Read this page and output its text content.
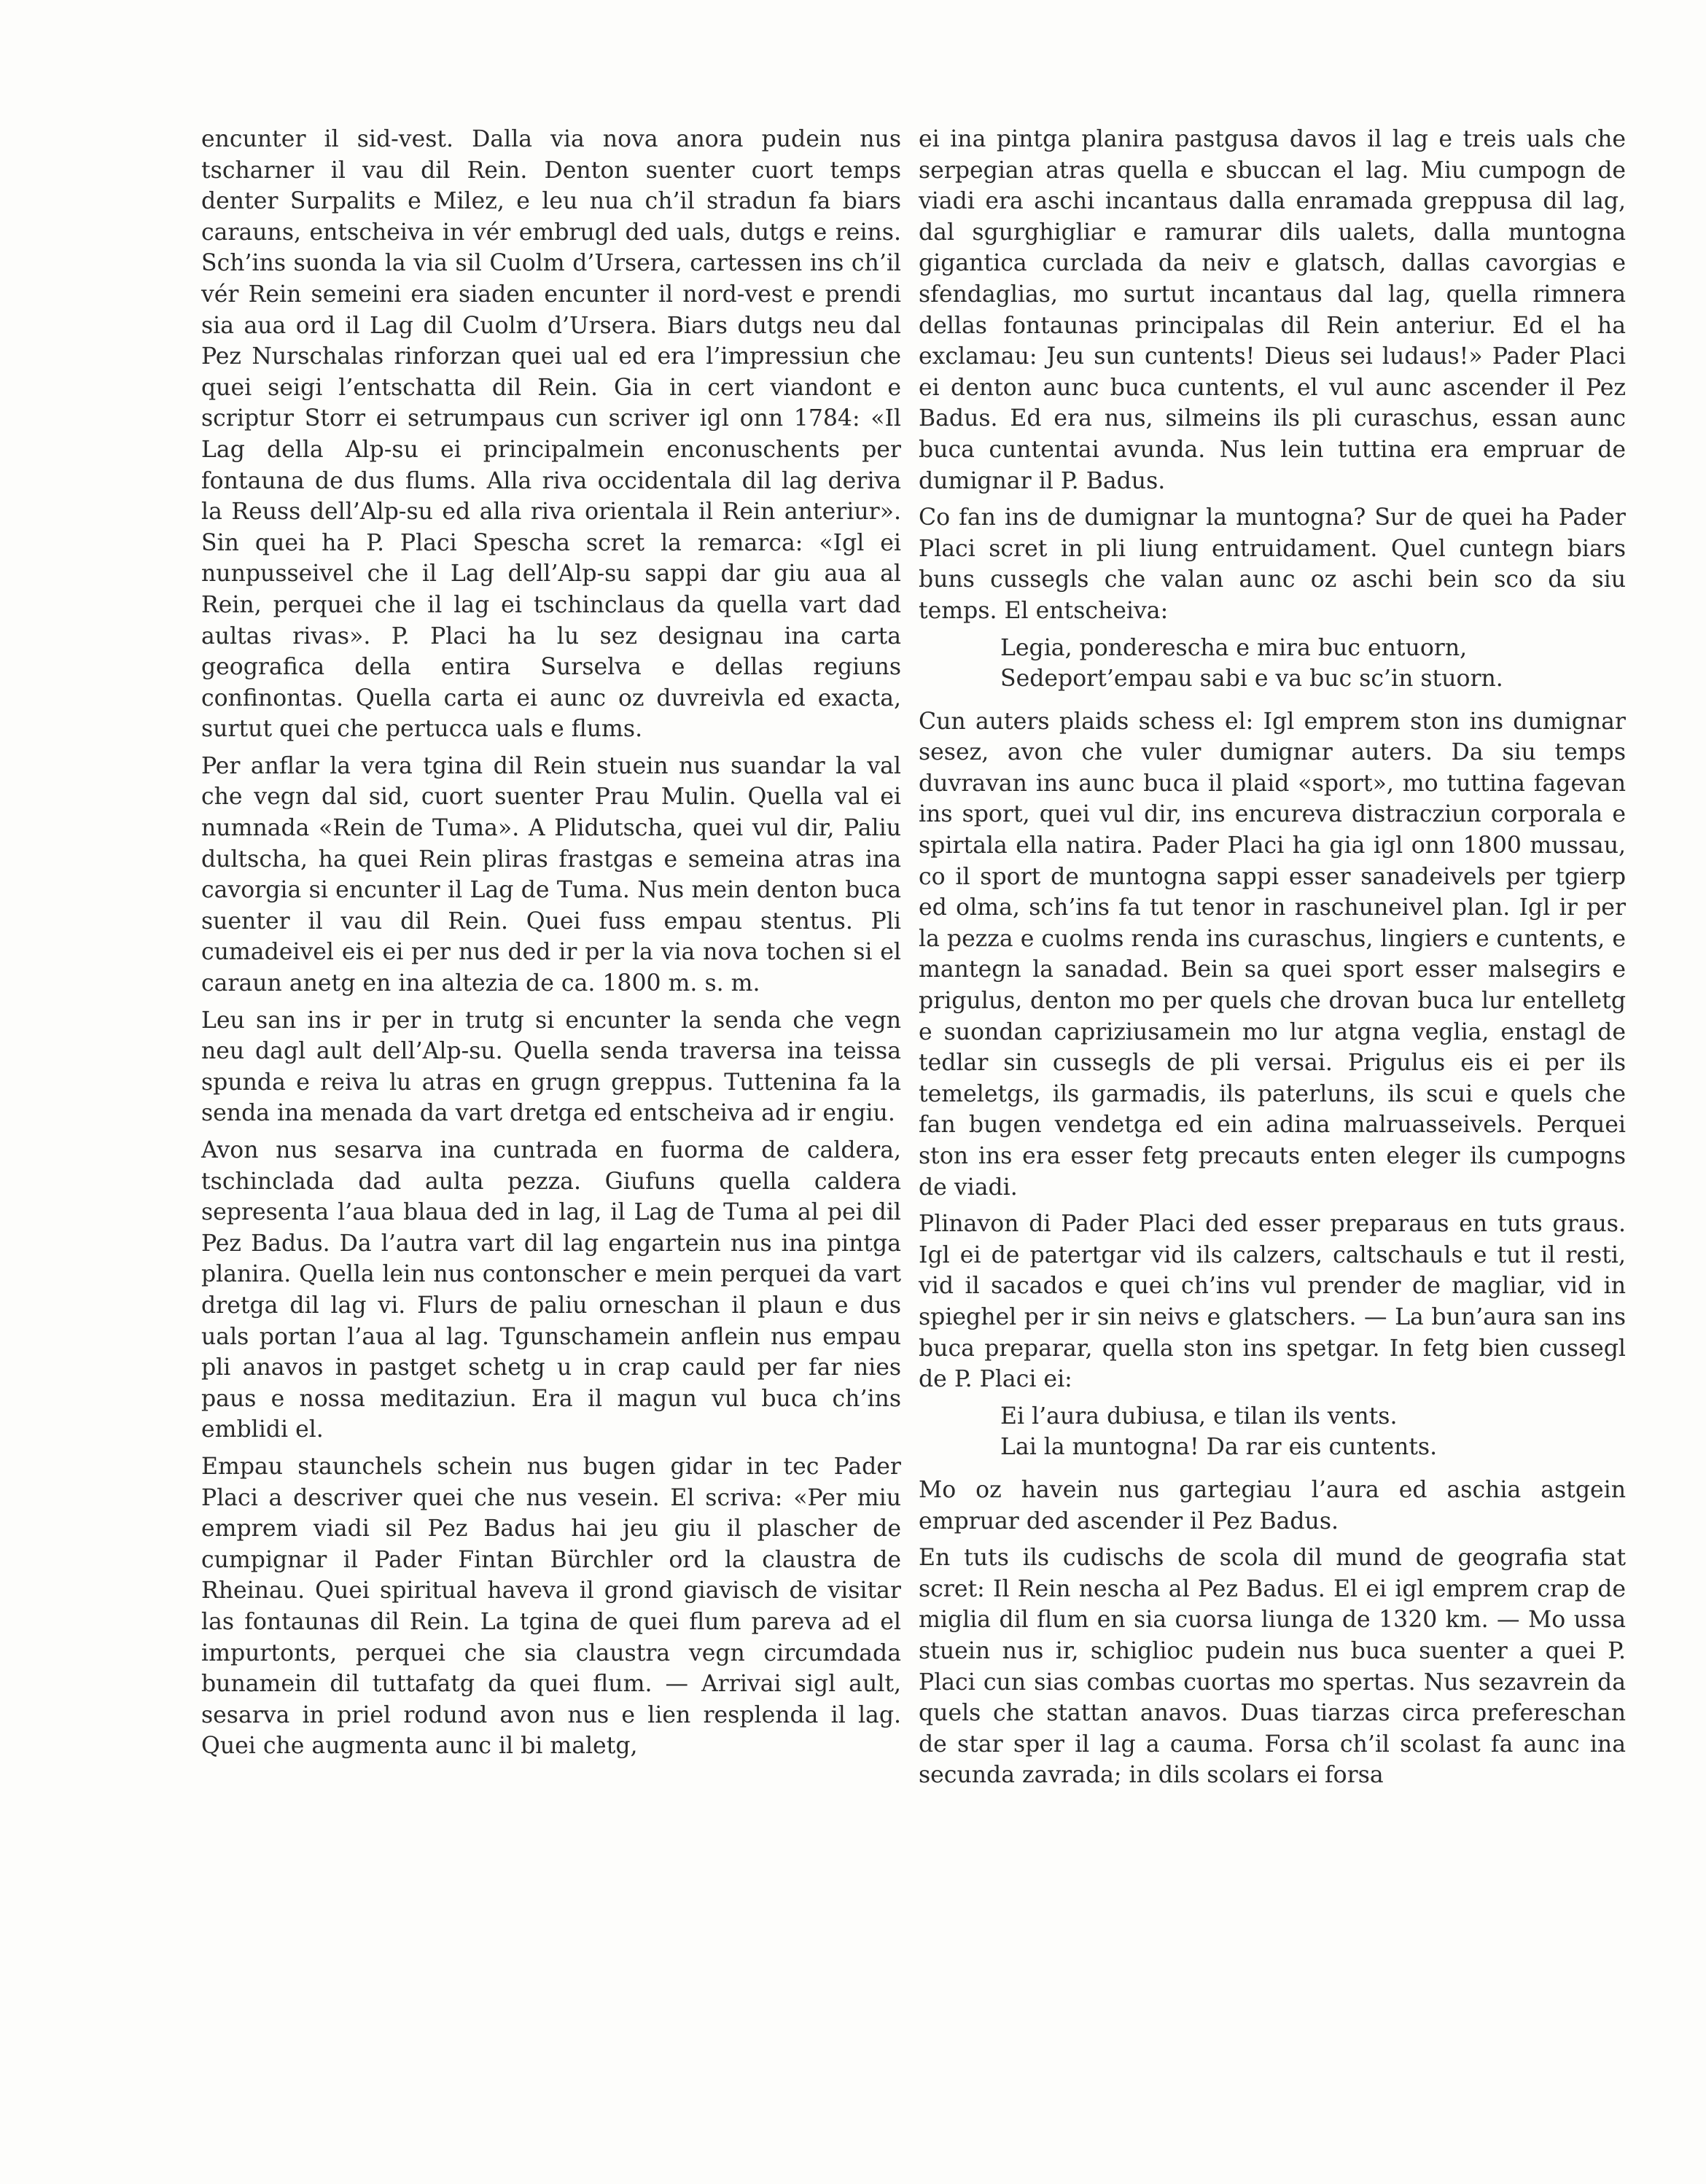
encunter il sid-vest. Dalla via nova anora pudein nus tscharner il vau dil Rein. Denton suenter cuort temps denter Surpalits e Milez, e leu nua ch’il stradun fa biars carauns, entscheiva in vér embrugl ded uals, dutgs e reins. Sch’ins suonda la via sil Cuolm d’Ursera, cartessen ins ch’il vér Rein semeini era siaden encunter il nord-vest e prendi sia aua ord il Lag dil Cuolm d’Ursera. Biars dutgs neu dal Pez Nurschalas rinforzan quei ual ed era l’impressiun che quei seigi l’entschatta dil Rein. Gia in cert viandont e scriptur Storr ei setrumpaus cun scriver igl onn 1784: «Il Lag della Alp-su ei principalmein enconuschents per fontauna de dus flums. Alla riva occidentala dil lag deriva la Reuss dell’Alp-su ed alla riva orientala il Rein anteriur». Sin quei ha P. Placi Spescha scret la remarca: «Igl ei nunpusseivel che il Lag dell’Alp-su sappi dar giu aua al Rein, perquei che il lag ei tschinclaus da quella vart dad aultas rivas». P. Placi ha lu sez designau ina carta geografica della entira Surselva e dellas regiuns confinontas. Quella carta ei aunc oz duvreivla ed exacta, surtut quei che pertucca uals e flums.

Per anflar la vera tgina dil Rein stuein nus suandar la val che vegn dal sid, cuort suenter Prau Mulin. Quella val ei numnada «Rein de Tuma». A Plidutscha, quei vul dir, Paliu dultscha, ha quei Rein pliras frastgas e semeina atras ina cavorgia si encunter il Lag de Tuma. Nus mein denton buca suenter il vau dil Rein. Quei fuss empau stentus. Pli cumadeivel eis ei per nus ded ir per la via nova tochen si el caraun anetg en ina altezia de ca. 1800 m. s. m.

Leu san ins ir per in trutg si encunter la senda che vegn neu dagl ault dell’Alp-su. Quella senda traversa ina teissa spunda e reiva lu atras en grugn greppus. Tuttenina fa la senda ina menada da vart dretga ed entscheiva ad ir engiu.

Avon nus sesarva ina cuntrada en fuorma de caldera, tschinclada dad aulta pezza. Giufuns quella caldera sepresenta l’aua blaua ded in lag, il Lag de Tuma al pei dil Pez Badus. Da l’autra vart dil lag engartein nus ina pintga planira. Quella lein nus contonscher e mein perquei da vart dretga dil lag vi. Flurs de paliu orneschan il plaun e dus uals portan l’aua al lag. Tgunschamein anflein nus empau pli anavos in pastget schetg u in crap cauld per far nies paus e nossa meditaziun. Era il magun vul buca ch’ins emblidi el.

Empau staunchels schein nus bugen gidar in tec Pader Placi a descriver quei che nus vesein. El scriva: «Per miu emprem viadi sil Pez Badus hai jeu giu il plascher de cumpignar il Pader Fintan Bürchler ord la claustra de Rheinau. Quei spiritual haveva il grond giavisch de visitar las fontaunas dil Rein. La tgina de quei flum pareva ad el impurtonts, perquei che sia claustra vegn circumdada bunamein dil tuttafatg da quei flum. — Arrivai sigl ault, sesarva in priel rodund avon nus e lien resplenda il lag. Quei che augmenta aunc il bi maletg,

ei ina pintga planira pastgusa davos il lag e treis uals che serpegian atras quella e sbuccan el lag. Miu cumpogn de viadi era aschi incantaus dalla enramada greppusa dil lag, dal sgurghigliar e ramurar dils ualets, dalla muntogna gigantica curclada da neiv e glatsch, dallas cavorgias e sfendaglias, mo surtut incantaus dal lag, quella rimnera dellas fontaunas principalas dil Rein anteriur. Ed el ha exclamau: Jeu sun cuntents! Dieus sei ludaus!» Pader Placi ei denton aunc buca cuntents, el vul aunc ascender il Pez Badus. Ed era nus, silmeins ils pli curaschus, essan aunc buca cuntentai avunda. Nus lein tuttina era empruar de dumignar il P. Badus.

Co fan ins de dumignar la muntogna? Sur de quei ha Pader Placi scret in pli liung entruidament. Quel cuntegn biars buns cussegls che valan aunc oz aschi bein sco da siu temps. El entscheiva:

Legia, ponderescha e mira buc entuorn,
Sedeport’empau sabi e va buc sc’in stuorn.

Cun auters plaids schess el: Igl emprem ston ins dumignar sesez, avon che vuler dumignar auters. Da siu temps duvravan ins aunc buca il plaid «sport», mo tuttina fagevan ins sport, quei vul dir, ins encureva distracziun corporala e spirtala ella natira. Pader Placi ha gia igl onn 1800 mussau, co il sport de muntogna sappi esser sanadeivels per tgierp ed olma, sch’ins fa tut tenor in raschuneivel plan. Igl ir per la pezza e cuolms renda ins curaschus, lingiers e cuntents, e mantegn la sanadad. Bein sa quei sport esser malsegirs e prigulus, denton mo per quels che drovan buca lur entelletg e suondan capriziusamein mo lur atgna veglia, enstagl de tedlar sin cussegls de pli versai. Prigulus eis ei per ils temeletgs, ils garmadis, ils paterluns, ils scui e quels che fan bugen vendetga ed ein adina malruasseivels. Perquei ston ins era esser fetg precauts enten eleger ils cumpogns de viadi.

Plinavon di Pader Placi ded esser preparaus en tuts graus. Igl ei de patertgar vid ils calzers, caltschauls e tut il resti, vid il sacados e quei ch’ins vul prender de magliar, vid in spieghel per ir sin neivs e glatschers. — La bun’aura san ins buca preparar, quella ston ins spetgar. In fetg bien cussegl de P. Placi ei:

Ei l’aura dubiusa, e tilan ils vents.
Lai la muntogna! Da rar eis cuntents.

Mo oz havein nus gartegiau l’aura ed aschia astgein empruar ded ascender il Pez Badus.

En tuts ils cudischs de scola dil mund de geografia stat scret: Il Rein nescha al Pez Badus. El ei igl emprem crap de miglia dil flum en sia cuorsa liunga de 1320 km. — Mo ussa stuein nus ir, schiglioc pudein nus buca suenter a quei P. Placi cun sias combas cuortas mo spertas. Nus sezavrein da quels che stattan anavos. Duas tiarzas circa prefereschan de star sper il lag a cauma. Forsa ch’il scolast fa aunc ina secunda zavrada; in dils scolars ei forsa
